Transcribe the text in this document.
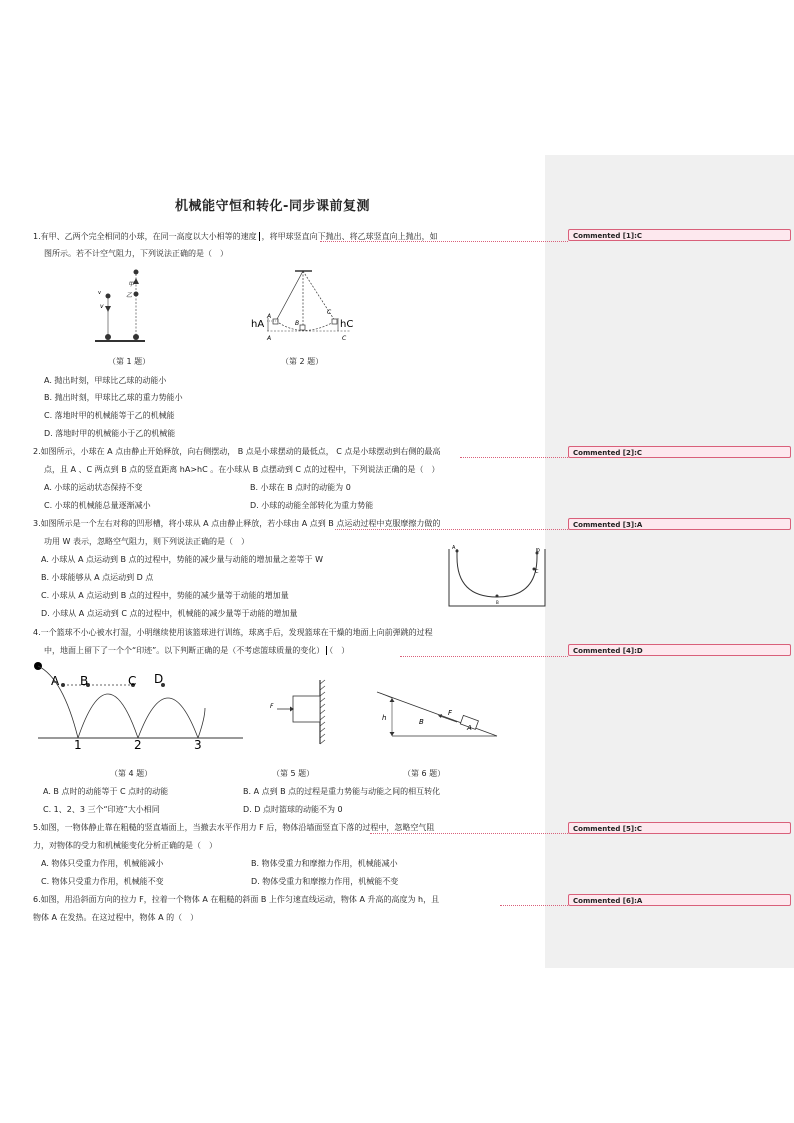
机械能守恒和转化-同步课前复测
1.有甲、乙两个完全相同的小球，在同一高度以大小相等的速度 ，将甲球竖直向下抛出、将乙球竖直向上抛出，如
图所示。若不计空气阻力，下列说法正确的是（　）
v
v
甲
乙
（第 1 题）
A
B
C
hA	hC
A	C
（第 2 题）
A. 抛出时刻，甲球比乙球的动能小
B. 抛出时刻，甲球比乙球的重力势能小
C. 落地时甲的机械能等于乙的机械能
D. 落地时甲的机械能小于乙的机械能
2.如图所示，小球在 A 点由静止开始释放，向右侧摆动， B 点是小球摆动的最低点， C 点是小球摆动到右侧的最高
点，且 A 、C 两点到 B 点的竖直距离 hA>hC 。在小球从 B 点摆动到 C 点的过程中，下列说法正确的是（　）
A. 小球的运动状态保持不变	B. 小球在 B 点时的动能为 0
C. 小球的机械能总量逐渐减小	D. 小球的动能全部转化为重力势能
3.如图所示是一个左右对称的凹形槽，将小球从 A 点由静止释放，若小球由 A 点到 B 点运动过程中克服摩擦力做的
功用 W 表示，忽略空气阻力，则下列说法正确的是（　）
A. 小球从 A 点运动到 B 点的过程中，势能的减少量与动能的增加量之差等于 W
B. 小球能够从 A 点运动到 D 点
C. 小球从 A 点运动到 B 点的过程中，势能的减少量等于动能的增加量
D. 小球从 A 点运动到 C 点的过程中，机械能的减少量等于动能的增加量
A
B
C
D
4.一个篮球不小心被水打湿，小明继续使用该篮球进行训练，球离手后，发现篮球在干燥的地面上向前弹跳的过程
中，地面上留下了一个个“印迹”。以下判断正确的是（不考虑篮球质量的变化） （　）
A B	C D
1	2	3
F
h	B
F
A
（第 4 题）	（第 5 题）	（第 6 题）
A. B 点时的动能等于 C 点时的动能	B. A 点到 B 点的过程是重力势能与动能之间的相互转化
C. 1、2、3 三个“印迹”大小相同	D. D 点时篮球的动能不为 0
5.如图，一物体静止靠在粗糙的竖直墙面上，当撤去水平作用力 F 后，物体沿墙面竖直下落的过程中，忽略空气阻
力，对物体的受力和机械能变化分析正确的是（　）
A. 物体只受重力作用，机械能减小	B. 物体受重力和摩擦力作用，机械能减小
C. 物体只受重力作用，机械能不变	D. 物体受重力和摩擦力作用，机械能不变
6.如图，用沿斜面方向的拉力 F，拉着一个物体 A 在粗糙的斜面 B 上作匀速直线运动，物体 A 升高的高度为 h，且
物体 A 在发热。在这过程中，物体 A 的（　）
Commented [1]:C
Commented [2]:C
Commented [3]:A
Commented [4]:D
Commented [5]:C
Commented [6]:A
